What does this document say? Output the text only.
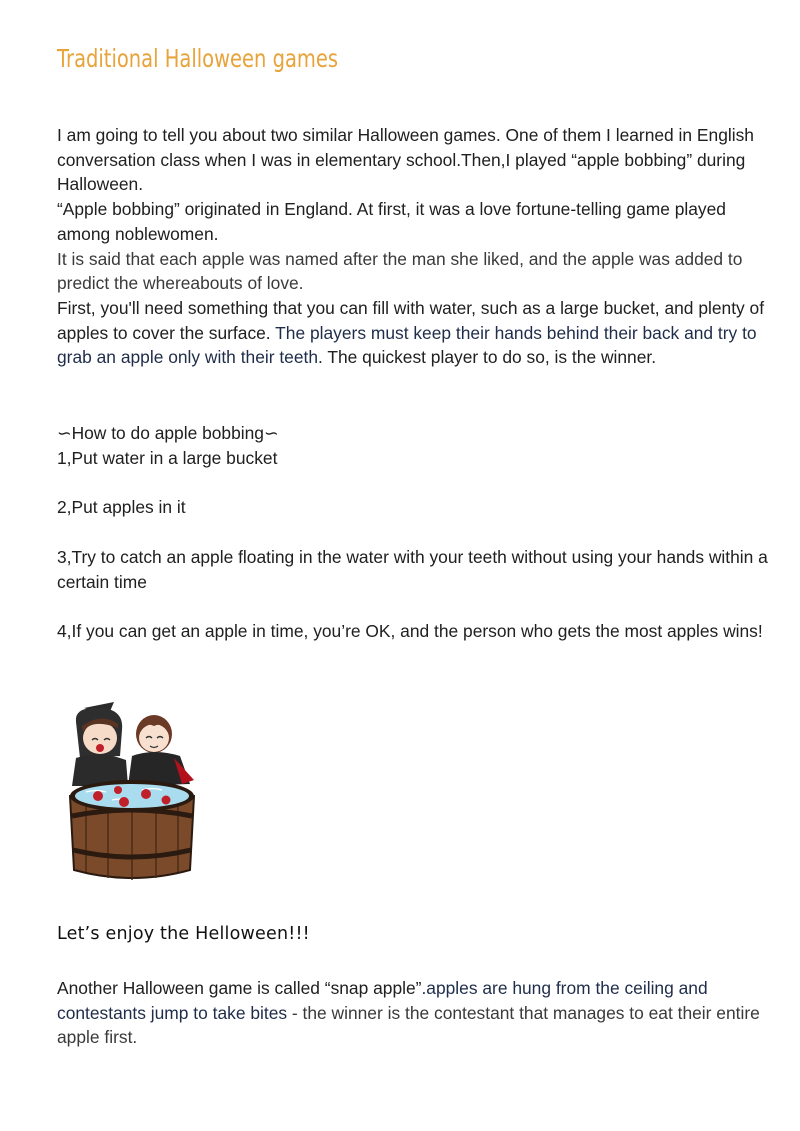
Traditional Halloween games

I am going to tell you about two similar Halloween games. One of them I learned in English conversation class when I was in elementary school.Then,I played “apple bobbing” during Halloween.

“Apple bobbing” originated in England. At first, it was a love fortune-telling game played among noblewomen.

It is said that each apple was named after the man she liked, and the apple was added to predict the whereabouts of love.

First, you'll need something that you can fill with water, such as a large bucket, and plenty of apples to cover the surface. The players must keep their hands behind their back and try to grab an apple only with their teeth. The quickest player to do so, is the winner.

∽How to do apple bobbing∽
1,Put water in a large bucket
2,Put apples in it
3,Try to catch an apple floating in the water with your teeth without using your hands within a certain time
4,If you can get an apple in time, you’re OK, and the person who gets the most apples wins!
Let’s enjoy the Helloween!!!

Another Halloween game is called “snap apple”.apples are hung from the ceiling and contestants jump to take bites - the winner is the contestant that manages to eat their entire apple first.
